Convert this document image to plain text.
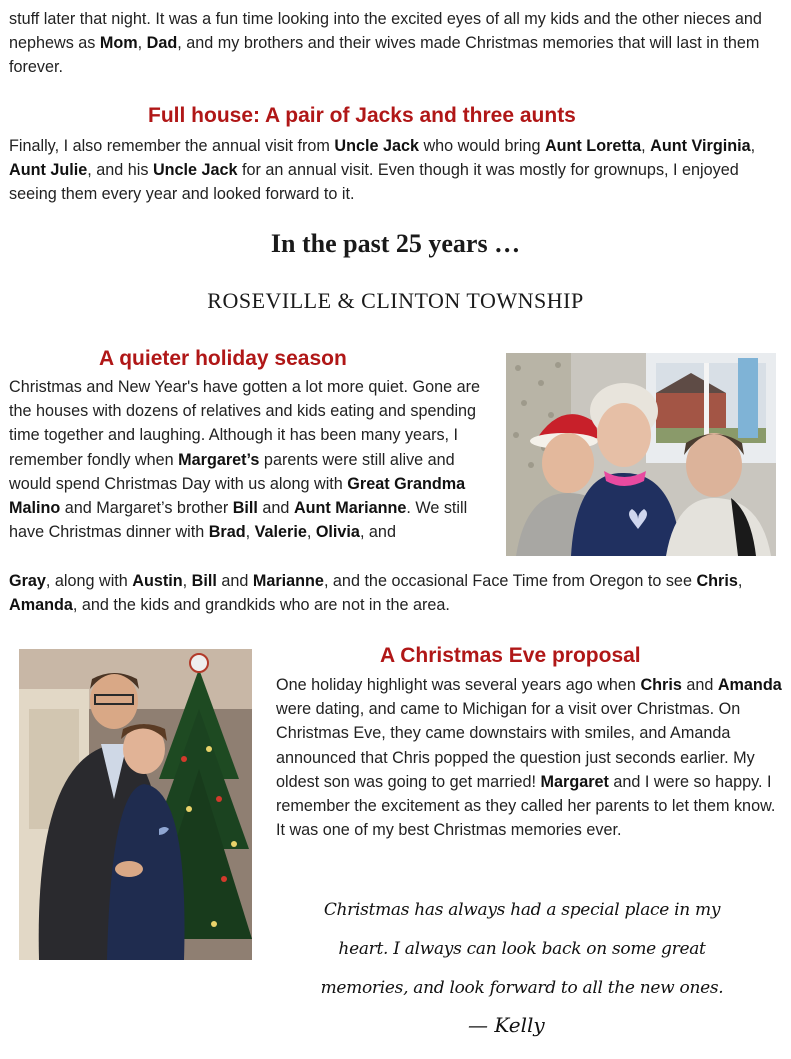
stuff later that night. It was a fun time looking into the excited eyes of all my kids and the other nieces and nephews as Mom, Dad, and my brothers and their wives made Christmas memories that will last in them forever.

Full house: A pair of Jacks and three aunts

Finally, I also remember the annual visit from Uncle Jack who would bring Aunt Loretta, Aunt Virginia, Aunt Julie, and his Uncle Jack for an annual visit. Even though it was mostly for grownups, I enjoyed seeing them every year and looked forward to it.

In the past 25 years …
ROSEVILLE & CLINTON TOWNSHIP
A quieter holiday season

Christmas and New Year's have gotten a lot more quiet. Gone are the houses with dozens of relatives and kids eating and spending time together and laughing. Although it has been many years, I remember fondly when Margaret’s parents were still alive and would spend Christmas Day with us along with Great Grandma Malino and Margaret’s brother Bill and Aunt Marianne. We still have Christmas dinner with Brad, Valerie, Olivia, and

Gray, along with Austin, Bill and Marianne, and the occasional Face Time from Oregon to see Chris, Amanda, and the kids and grandkids who are not in the area.

A Christmas Eve proposal

One holiday highlight was several years ago when Chris and Amanda were dating, and came to Michigan for a visit over Christmas. On Christmas Eve, they came downstairs with smiles, and Amanda announced that Chris popped the question just seconds earlier. My oldest son was going to get married! Margaret and I were so happy. I remember the excitement as they called her parents to let them know. It was one of my best Christmas memories ever.

Christmas has always had a special place in my

heart. I always can look back on some great

memories, and look forward to all the new ones.

— Kelly
